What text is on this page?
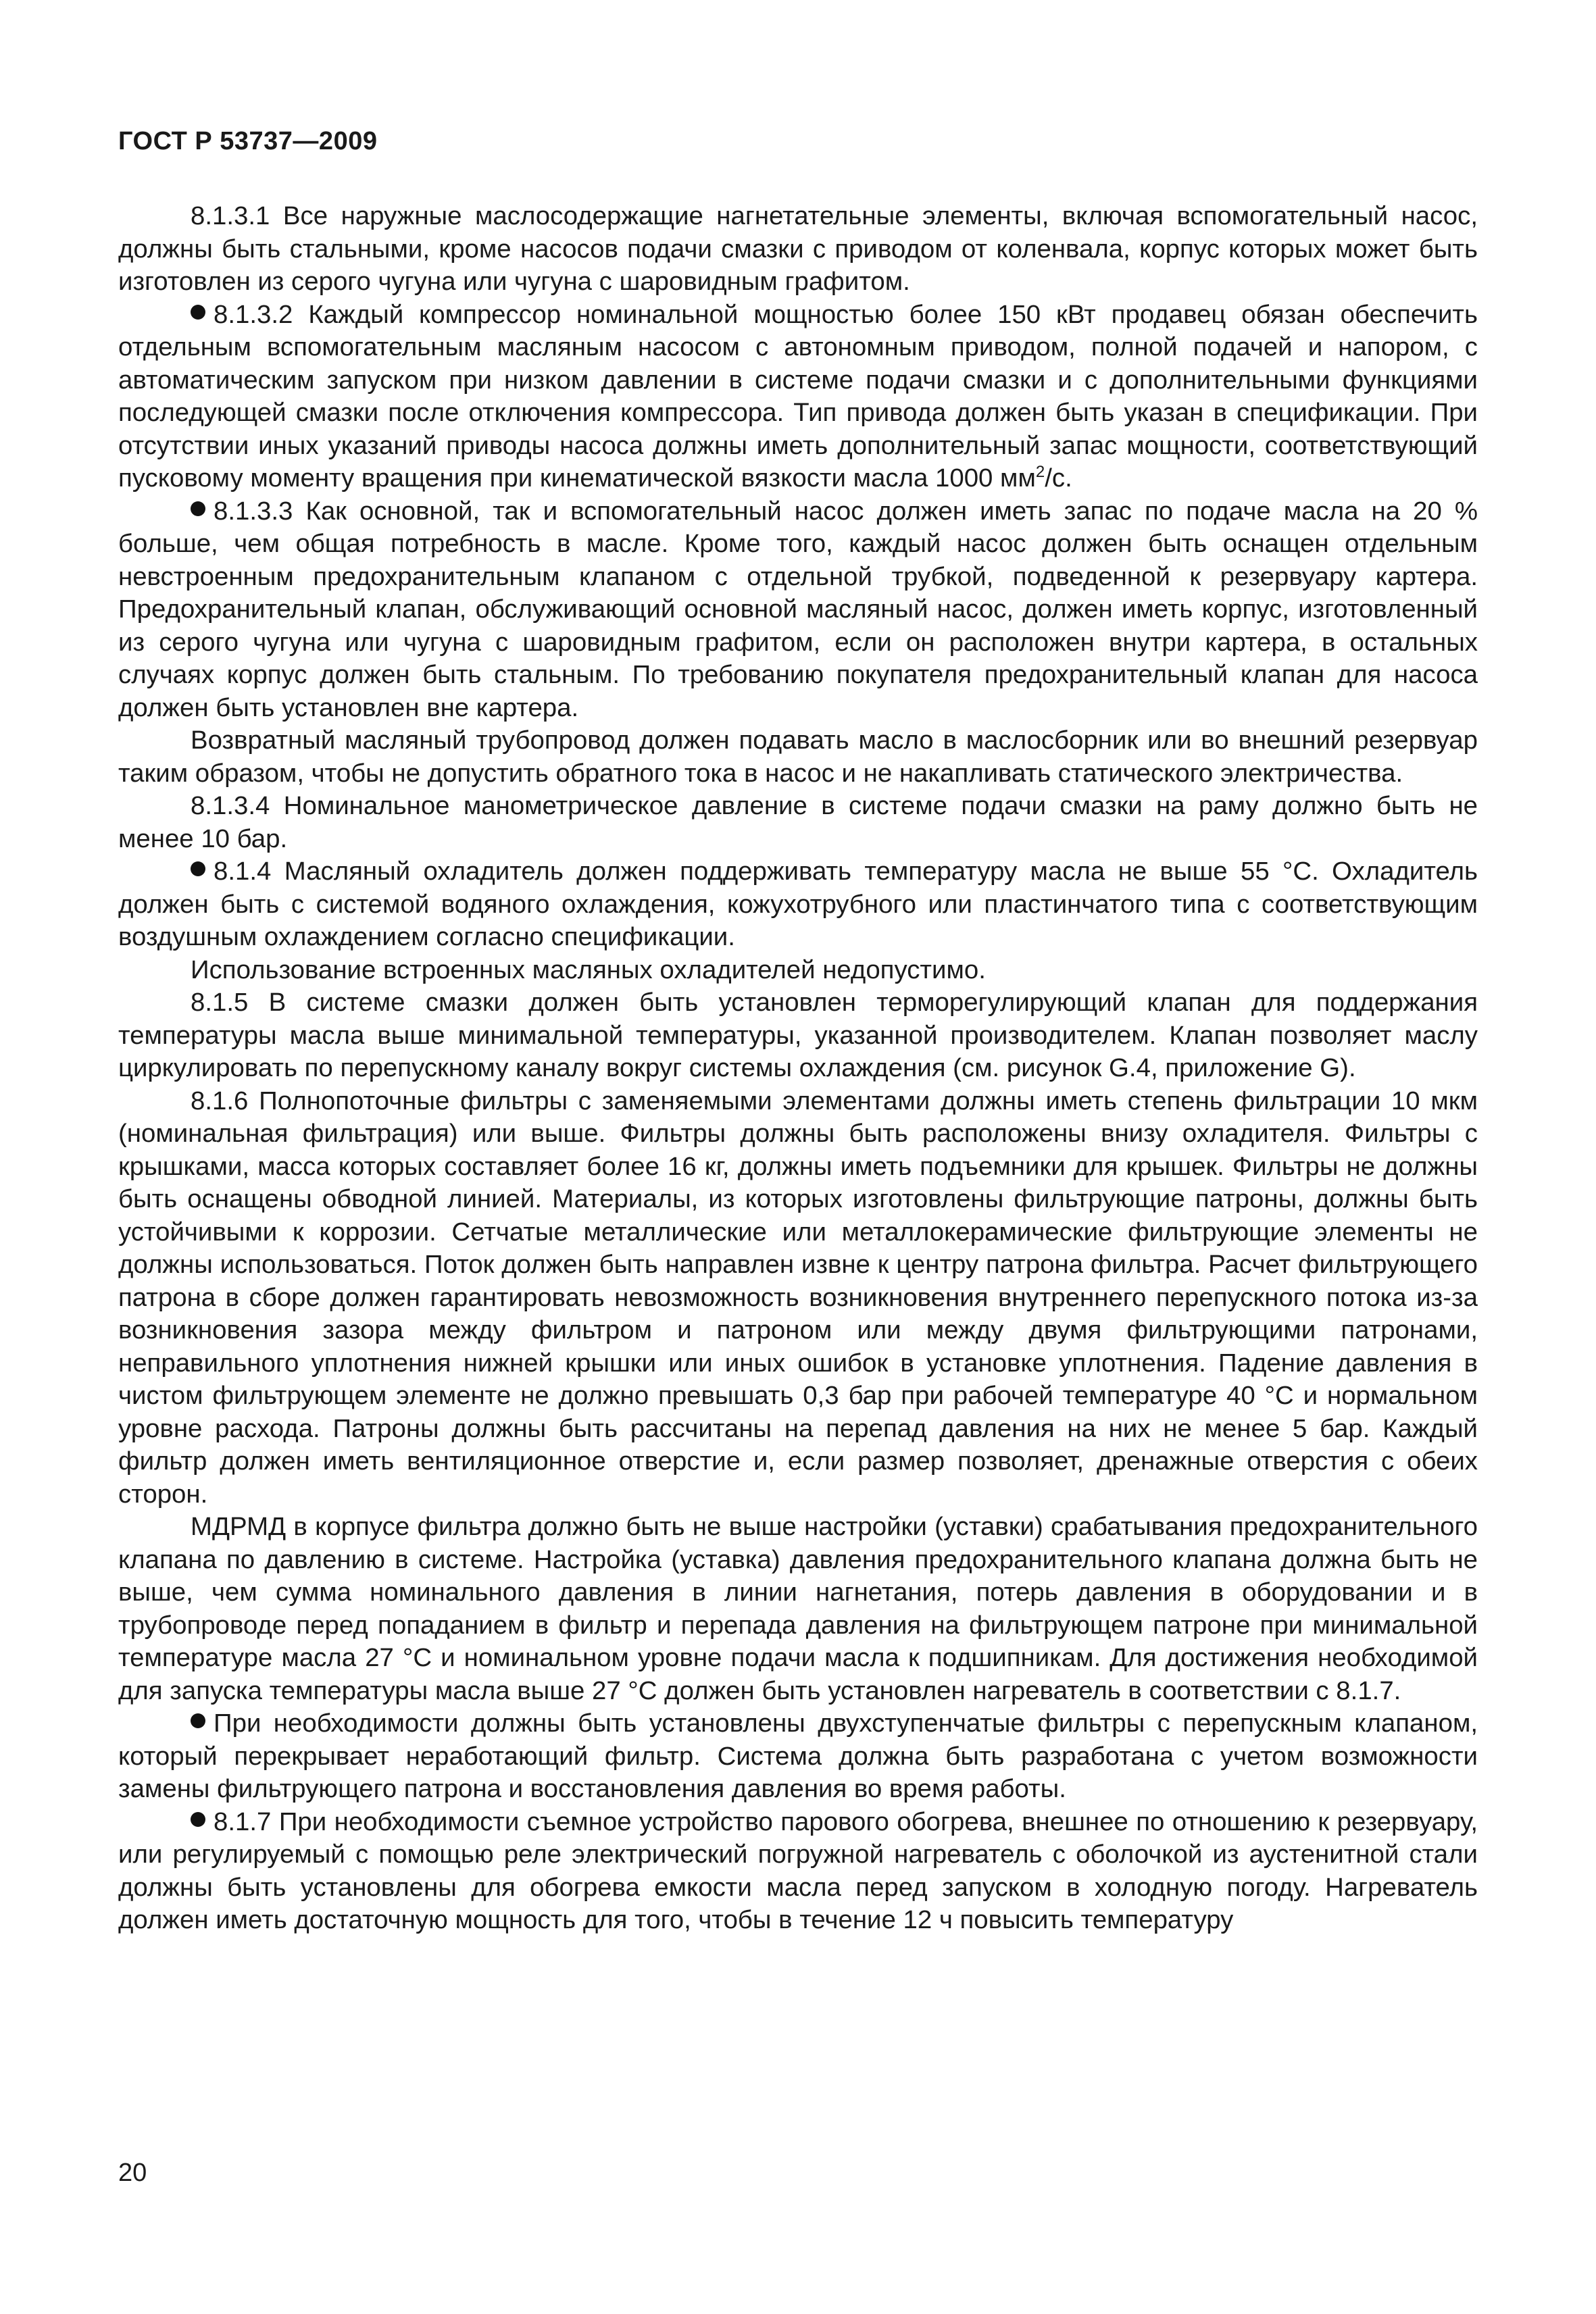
ГОСТ Р 53737—2009

8.1.3.1 Все наружные маслосодержащие нагнетательные элементы, включая вспомогательный насос, должны быть стальными, кроме насосов подачи смазки с приводом от коленвала, корпус которых может быть изготовлен из серого чугуна или чугуна с шаровидным графитом.

8.1.3.2 Каждый компрессор номинальной мощностью более 150 кВт продавец обязан обеспечить отдельным вспомогательным масляным насосом с автономным приводом, полной подачей и напором, с автоматическим запуском при низком давлении в системе подачи смазки и с дополнительными функциями последующей смазки после отключения компрессора. Тип привода должен быть указан в спецификации. При отсутствии иных указаний приводы насоса должны иметь дополнительный запас мощности, соответствующий пусковому моменту вращения при кинематической вязкости масла 1000 $мм^2/с$.

8.1.3.3 Как основной, так и вспомогательный насос должен иметь запас по подаче масла на 20 % больше, чем общая потребность в масле. Кроме того, каждый насос должен быть оснащен отдельным невстроенным предохранительным клапаном с отдельной трубкой, подведенной к резервуару картера. Предохранительный клапан, обслуживающий основной масляный насос, должен иметь корпус, изготовленный из серого чугуна или чугуна с шаровидным графитом, если он расположен внутри картера, в остальных случаях корпус должен быть стальным. По требованию покупателя предохранительный клапан для насоса должен быть установлен вне картера.

Возвратный масляный трубопровод должен подавать масло в маслосборник или во внешний резервуар таким образом, чтобы не допустить обратного тока в насос и не накапливать статического электричества.

8.1.3.4 Номинальное манометрическое давление в системе подачи смазки на раму должно быть не менее 10 бар.

8.1.4 Масляный охладитель должен поддерживать температуру масла не выше 55 °С. Охладитель должен быть с системой водяного охлаждения, кожухотрубного или пластинчатого типа с соответствующим воздушным охлаждением согласно спецификации.

Использование встроенных масляных охладителей недопустимо.

8.1.5 В системе смазки должен быть установлен терморегулирующий клапан для поддержания температуры масла выше минимальной температуры, указанной производителем. Клапан позволяет маслу циркулировать по перепускному каналу вокруг системы охлаждения (см. рисунок G.4, приложение G).

8.1.6 Полнопоточные фильтры с заменяемыми элементами должны иметь степень фильтрации 10 мкм (номинальная фильтрация) или выше. Фильтры должны быть расположены внизу охладителя. Фильтры с крышками, масса которых составляет более 16 кг, должны иметь подъемники для крышек. Фильтры не должны быть оснащены обводной линией. Материалы, из которых изготовлены фильтрующие патроны, должны быть устойчивыми к коррозии. Сетчатые металлические или металлокерамические фильтрующие элементы не должны использоваться. Поток должен быть направлен извне к центру патрона фильтра. Расчет фильтрующего патрона в сборе должен гарантировать невозможность возникновения внутреннего перепускного потока из-за возникновения зазора между фильтром и патроном или между двумя фильтрующими патронами, неправильного уплотнения нижней крышки или иных ошибок в установке уплотнения. Падение давления в чистом фильтрующем элементе не должно превышать 0,3 бар при рабочей температуре 40 °С и нормальном уровне расхода. Патроны должны быть рассчитаны на перепад давления на них не менее 5 бар. Каждый фильтр должен иметь вентиляционное отверстие и, если размер позволяет, дренажные отверстия с обеих сторон.

МДРМД в корпусе фильтра должно быть не выше настройки (уставки) срабатывания предохранительного клапана по давлению в системе. Настройка (уставка) давления предохранительного клапана должна быть не выше, чем сумма номинального давления в линии нагнетания, потерь давления в оборудовании и в трубопроводе перед попаданием в фильтр и перепада давления на фильтрующем патроне при минимальной температуре масла 27 °С и номинальном уровне подачи масла к подшипникам. Для достижения необходимой для запуска температуры масла выше 27 °С должен быть установлен нагреватель в соответствии с 8.1.7.

При необходимости должны быть установлены двухступенчатые фильтры с перепускным клапаном, который перекрывает неработающий фильтр. Система должна быть разработана с учетом возможности замены фильтрующего патрона и восстановления давления во время работы.

8.1.7 При необходимости съемное устройство парового обогрева, внешнее по отношению к резервуару, или регулируемый с помощью реле электрический погружной нагреватель с оболочкой из аустенитной стали должны быть установлены для обогрева емкости масла перед запуском в холодную погоду. Нагреватель должен иметь достаточную мощность для того, чтобы в течение 12 ч повысить температуру

20
